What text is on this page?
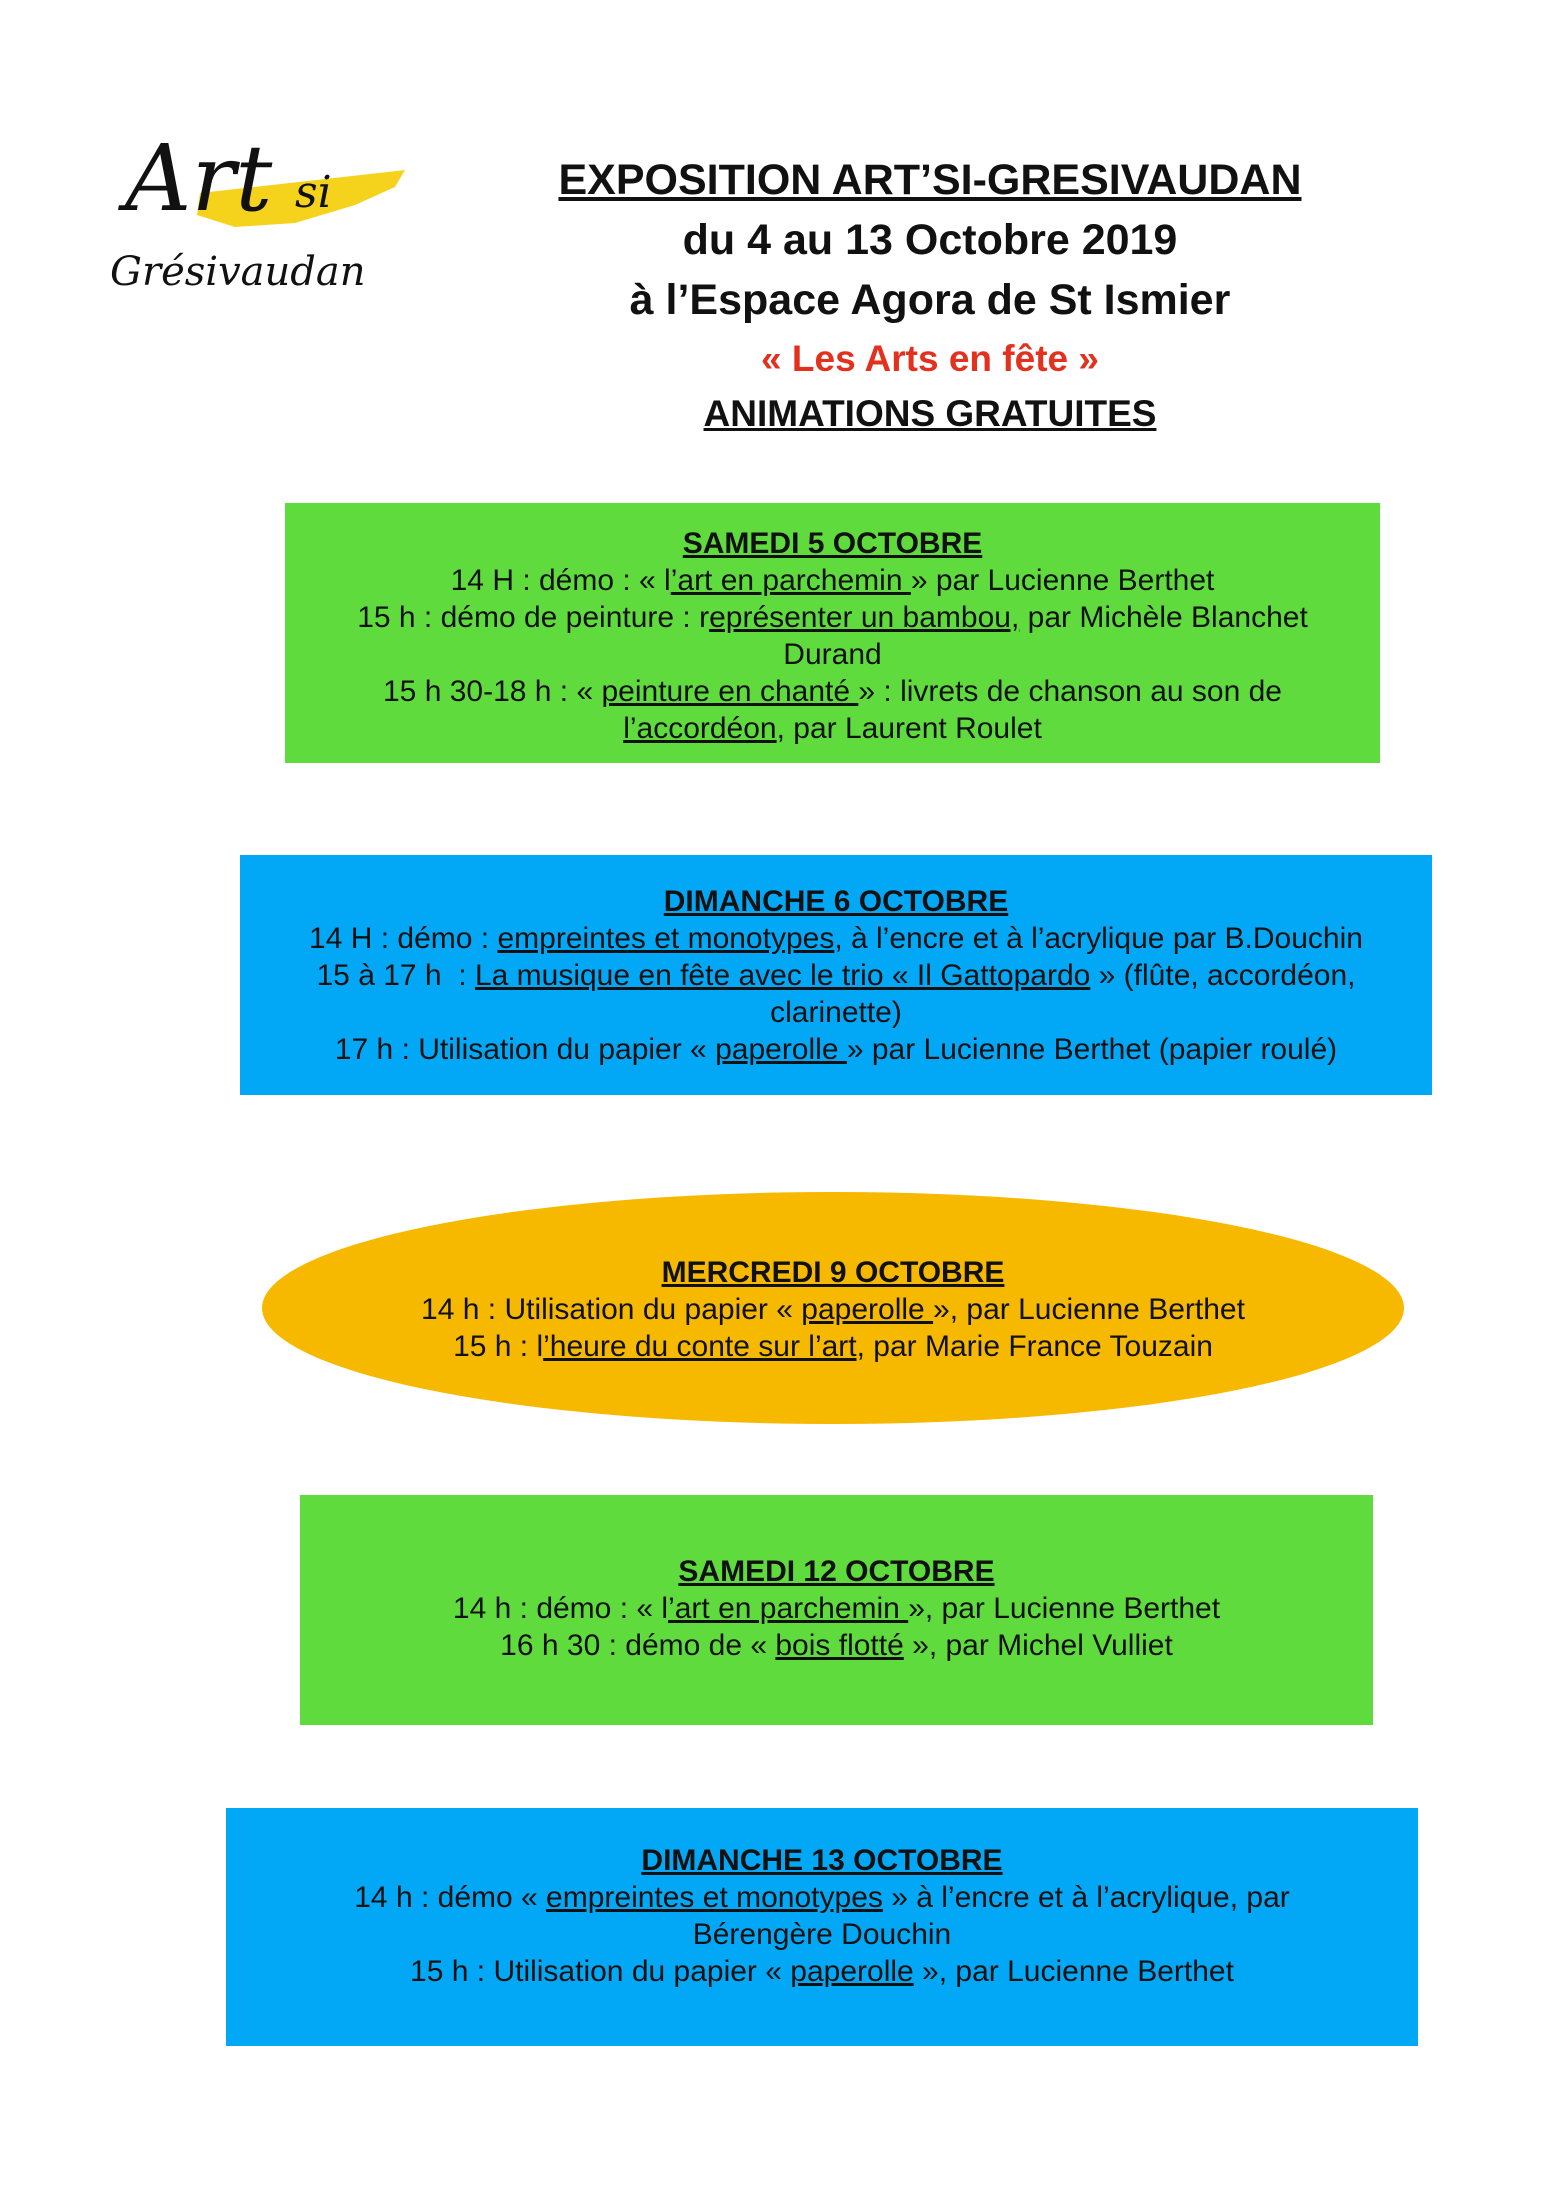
Art si
Grésivaudan
EXPOSITION ART’SI-GRESIVAUDAN
du 4 au 13 Octobre 2019
à l’Espace Agora de St Ismier
« Les Arts en fête »
ANIMATIONS GRATUITES
SAMEDI 5 OCTOBRE
14 H : démo : « l’art en parchemin » par Lucienne Berthet
15 h : démo de peinture : représenter un bambou, par Michèle Blanchet
Durand
15 h 30-18 h : « peinture en chanté » : livrets de chanson au son de
l’accordéon, par Laurent Roulet
DIMANCHE 6 OCTOBRE
14 H : démo : empreintes et monotypes, à l’encre et à l’acrylique par B.Douchin
15 à 17 h  : La musique en fête avec le trio « Il Gattopardo » (flûte, accordéon,
clarinette)
17 h : Utilisation du papier « paperolle » par Lucienne Berthet (papier roulé)
MERCREDI 9 OCTOBRE
14 h : Utilisation du papier « paperolle », par Lucienne Berthet
15 h : l’heure du conte sur l’art, par Marie France Touzain
SAMEDI 12 OCTOBRE
14 h : démo : « l’art en parchemin », par Lucienne Berthet
16 h 30 : démo de « bois flotté », par Michel Vulliet
DIMANCHE 13 OCTOBRE
14 h : démo « empreintes et monotypes » à l’encre et à l’acrylique, par
Bérengère Douchin
15 h : Utilisation du papier « paperolle », par Lucienne Berthet
